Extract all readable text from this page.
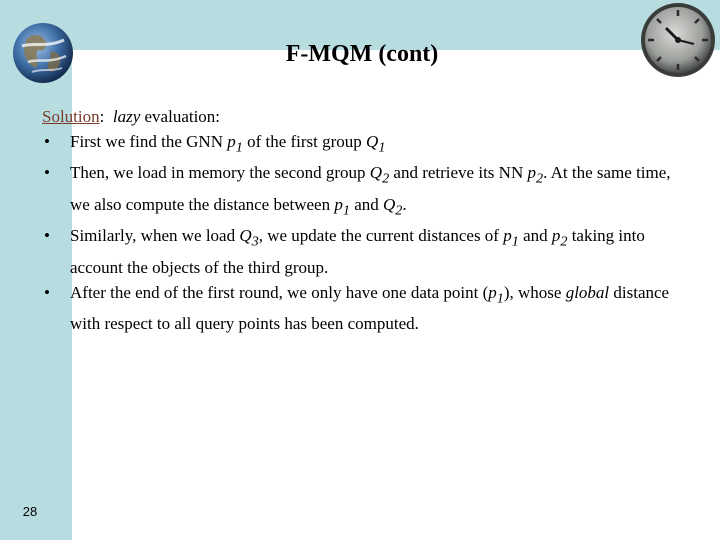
F-MQM (cont)

Solution: lazy evaluation:

• First we find the GNN $p_1$ of the first group $Q_1$
• Then, we load in memory the second group $Q_2$ and retrieve its NN $p_2$. At the same time, we also compute the distance between $p_1$ and $Q_2$.
• Similarly, when we load $Q_3$, we update the current distances of $p_1$ and $p_2$ taking into account the objects of the third group.
• After the end of the first round, we only have one data point $(p_1)$, whose global distance with respect to all query points has been computed.
28
